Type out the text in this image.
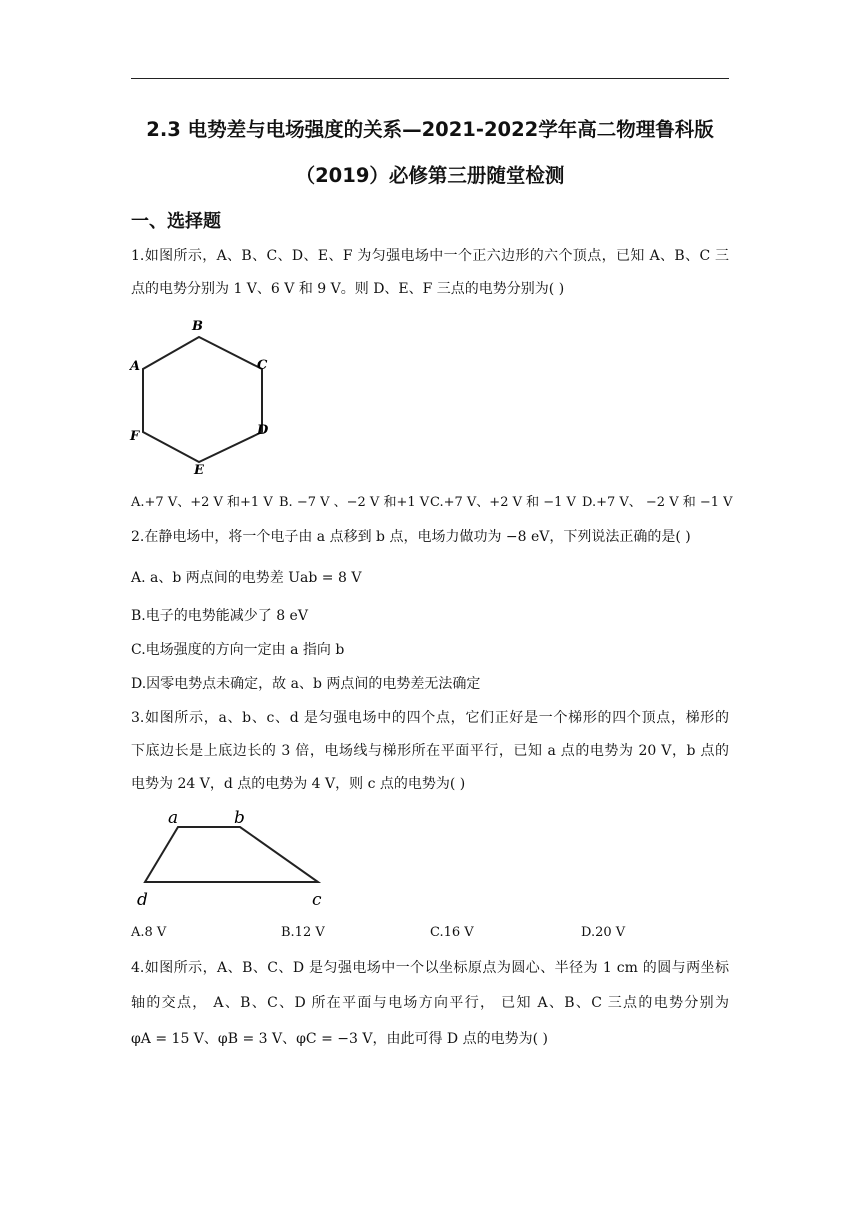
2.3 电势差与电场强度的关系—2021-2022学年高二物理鲁科版
（2019）必修第三册随堂检测
一、选择题
1.如图所示，A、B、C、D、E、F 为匀强电场中一个正六边形的六个顶点，已知 A、B、C 三
点的电势分别为 1 V、6 V 和 9 V。则 D、E、F 三点的电势分别为( )
A
B
C
D
E
F
A.+7 V、+2 V 和+1 V B. −7 V 、−2 V 和+1 V C.+7 V、+2 V 和 −1 V D.+7 V、 −2 V 和 −1 V
2.在静电场中，将一个电子由 a 点移到 b 点，电场力做功为 −8 eV，下列说法正确的是( )
A. a、b 两点间的电势差 Uab = 8 V
B.电子的电势能减少了 8 eV
C.电场强度的方向一定由 a 指向 b
D.因零电势点未确定，故 a、b 两点间的电势差无法确定
3.如图所示，a、b、c、d 是匀强电场中的四个点，它们正好是一个梯形的四个顶点，梯形的
下底边长是上底边长的 3 倍，电场线与梯形所在平面平行，已知 a 点的电势为 20 V，b 点的
电势为 24 V，d 点的电势为 4 V，则 c 点的电势为( )
a	b
c
d
A.8 V	B.12 V	C.16 V	D.20 V
4.如图所示，A、B、C、D 是匀强电场中一个以坐标原点为圆心、半径为 1 cm 的圆与两坐标
轴的交点， A、B、C、D 所在平面与电场方向平行， 已知 A、B、C 三点的电势分别为
φA = 15 V、φB = 3 V、φC = −3 V，由此可得 D 点的电势为( )
